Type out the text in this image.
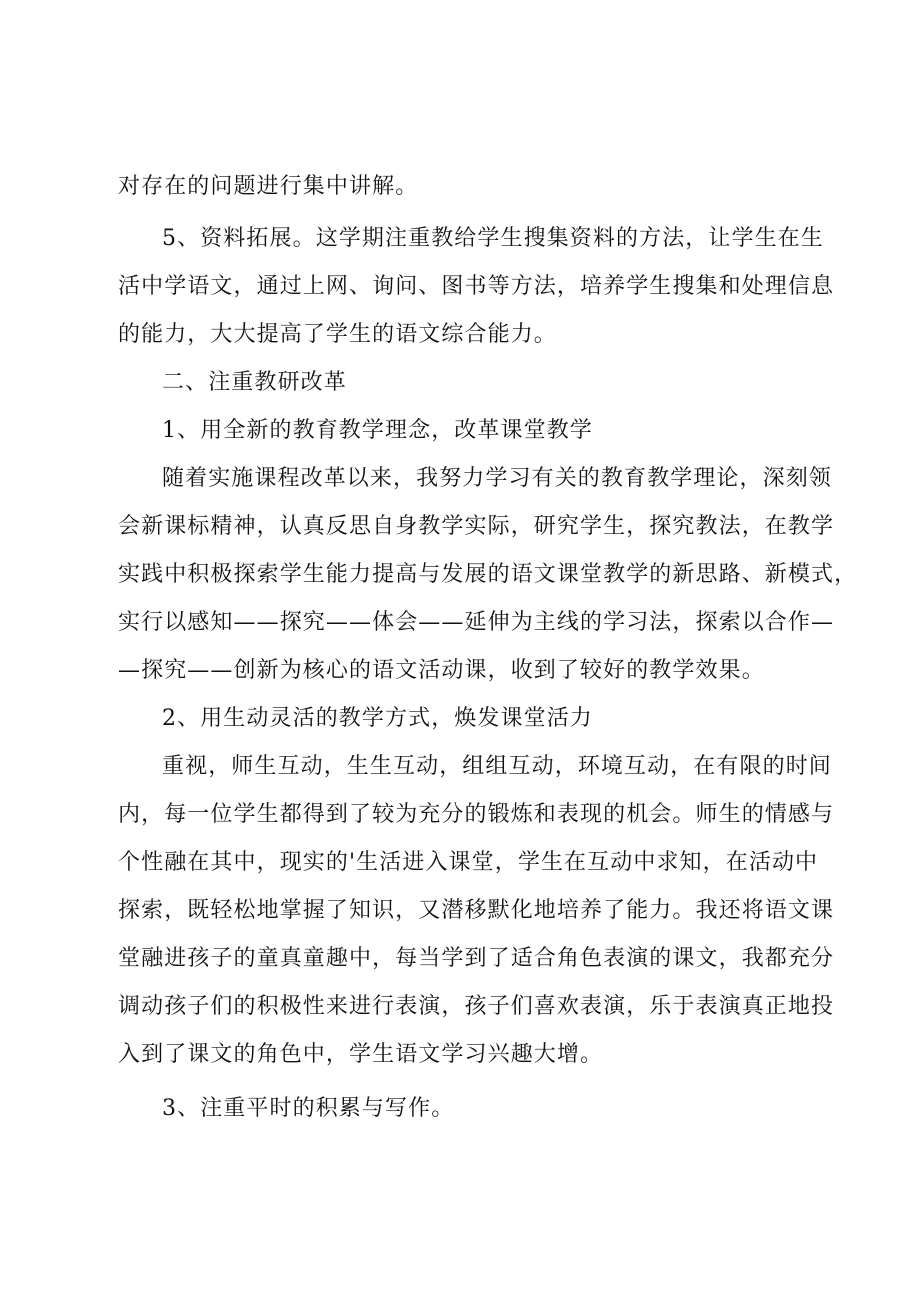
对存在的问题进行集中讲解。
5、资料拓展。这学期注重教给学生搜集资料的方法，让学生在生
活中学语文，通过上网、询问、图书等方法，培养学生搜集和处理信息
的能力，大大提高了学生的语文综合能力。
二、注重教研改革
1、用全新的教育教学理念，改革课堂教学
随着实施课程改革以来，我努力学习有关的教育教学理论，深刻领
会新课标精神，认真反思自身教学实际，研究学生，探究教法，在教学
实践中积极探索学生能力提高与发展的语文课堂教学的新思路、新模式，
实行以感知——探究——体会——延伸为主线的学习法，探索以合作—
—探究——创新为核心的语文活动课，收到了较好的教学效果。
2、用生动灵活的教学方式，焕发课堂活力
重视，师生互动，生生互动，组组互动，环境互动，在有限的时间
内，每一位学生都得到了较为充分的锻炼和表现的机会。师生的情感与
个性融在其中，现实的'生活进入课堂，学生在互动中求知，在活动中
探索，既轻松地掌握了知识，又潜移默化地培养了能力。我还将语文课
堂融进孩子的童真童趣中，每当学到了适合角色表演的课文，我都充分
调动孩子们的积极性来进行表演，孩子们喜欢表演，乐于表演真正地投
入到了课文的角色中，学生语文学习兴趣大增。
3、注重平时的积累与写作。
